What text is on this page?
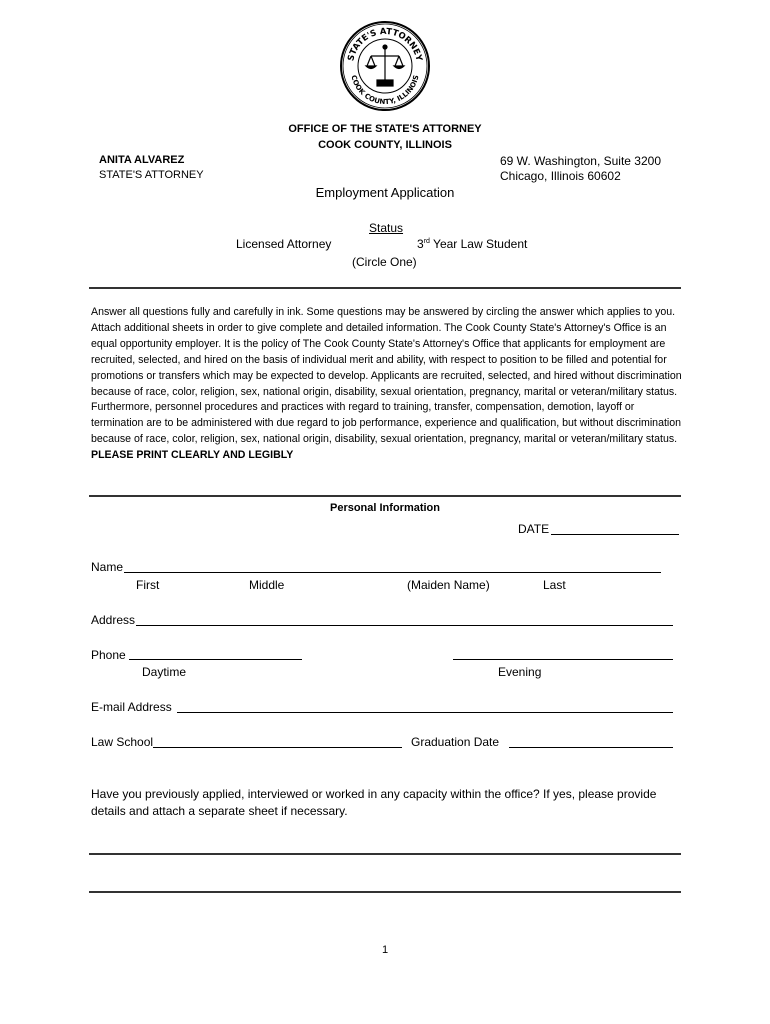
STATE'S ATTORNEY
COOK COUNTY, ILLINOIS
OFFICE OF THE STATE'S ATTORNEY
COOK COUNTY, ILLINOIS
ANITA ALVAREZ
STATE'S ATTORNEY
69 W. Washington, Suite 3200
Chicago, Illinois 60602
Employment Application
Status
Licensed Attorney	3rd Year Law Student
(Circle One)
Answer all questions fully and carefully in ink. Some questions may be answered by circling the answer which applies to you. Attach additional sheets in order to give complete and detailed information. The Cook County State's Attorney's Office is an equal opportunity employer. It is the policy of The Cook County State's Attorney's Office that applicants for employment are recruited, selected, and hired on the basis of individual merit and ability, with respect to position to be filled and potential for promotions or transfers which may be expected to develop. Applicants are recruited, selected, and hired without discrimination because of race, color, religion, sex, national origin, disability, sexual orientation, pregnancy, marital or veteran/military status. Furthermore, personnel procedures and practices with regard to training, transfer, compensation, demotion, layoff or termination are to be administered with due regard to job performance, experience and qualification, but without discrimination because of race, color, religion, sex, national origin, disability, sexual orientation, pregnancy, marital or veteran/military status. PLEASE PRINT CLEARLY AND LEGIBLY
Personal Information
DATE
Name
First	Middle	(Maiden Name)	Last
Address
Phone
Daytime	Evening
E-mail Address
Law School	Graduation Date
Have you previously applied, interviewed or worked in any capacity within the office? If yes, please provide details and attach a separate sheet if necessary.
1
